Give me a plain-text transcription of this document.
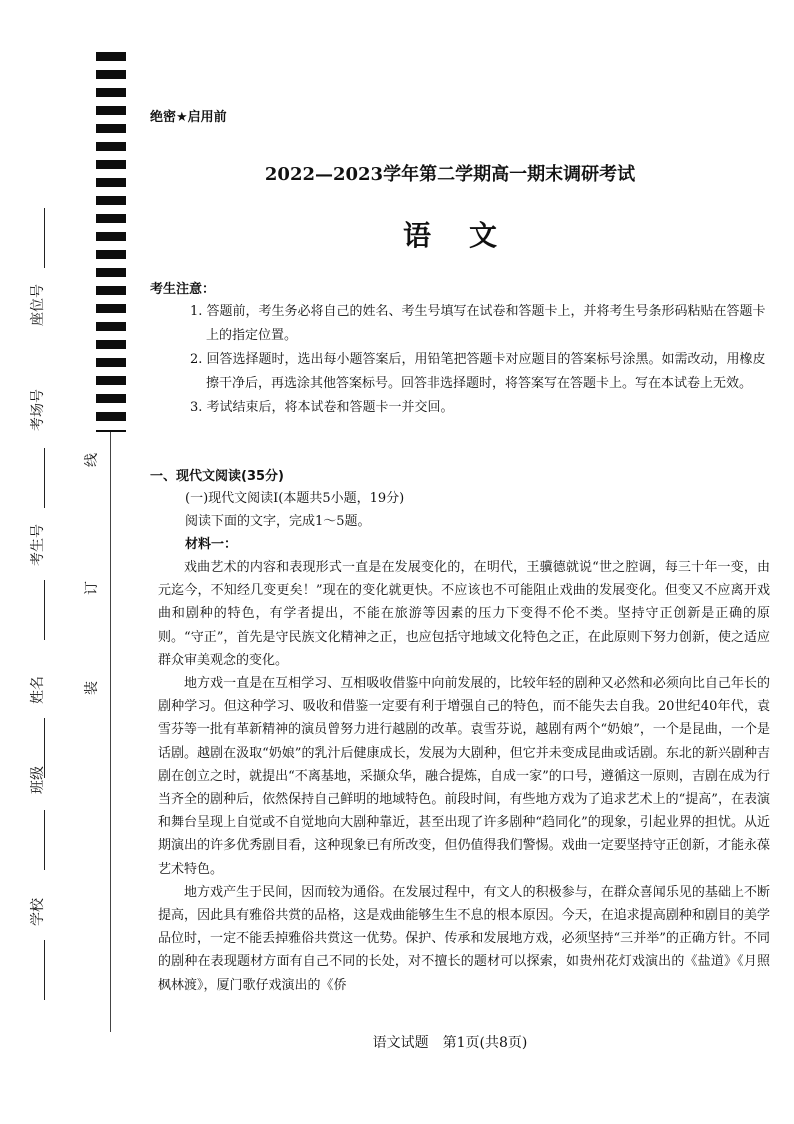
座位号
考场号
考生号
姓名
班级
学校
线
订
装
绝密★启用前
2022—2023学年第二学期高一期末调研考试
语文
考生注意：

1. 答题前，考生务必将自己的姓名、考生号填写在试卷和答题卡上，并将考生号条形码粘贴在答题卡上的指定位置。

2. 回答选择题时，选出每小题答案后，用铅笔把答题卡对应题目的答案标号涂黑。如需改动，用橡皮擦干净后，再选涂其他答案标号。回答非选择题时，将答案写在答题卡上。写在本试卷上无效。

3. 考试结束后，将本试卷和答题卡一并交回。

一、现代文阅读(35分)
(一)现代文阅读Ⅰ(本题共5小题，19分)
阅读下面的文字，完成1～5题。
材料一：

戏曲艺术的内容和表现形式一直是在发展变化的，在明代，王骥德就说“世之腔调，每三十年一变，由元迄今，不知经几变更矣！”现在的变化就更快。不应该也不可能阻止戏曲的发展变化。但变又不应离开戏曲和剧种的特色，有学者提出，不能在旅游等因素的压力下变得不伦不类。坚持守正创新是正确的原则。“守正”，首先是守民族文化精神之正，也应包括守地域文化特色之正，在此原则下努力创新，使之适应群众审美观念的变化。

地方戏一直是在互相学习、互相吸收借鉴中向前发展的，比较年轻的剧种又必然和必须向比自己年长的剧种学习。但这种学习、吸收和借鉴一定要有利于增强自己的特色，而不能失去自我。20世纪40年代，袁雪芬等一批有革新精神的演员曾努力进行越剧的改革。袁雪芬说，越剧有两个“奶娘”，一个是昆曲，一个是话剧。越剧在汲取“奶娘”的乳汁后健康成长，发展为大剧种，但它并未变成昆曲或话剧。东北的新兴剧种吉剧在创立之时，就提出“不离基地，采撷众华，融合提炼，自成一家”的口号，遵循这一原则，吉剧在成为行当齐全的剧种后，依然保持自己鲜明的地域特色。前段时间，有些地方戏为了追求艺术上的“提高”，在表演和舞台呈现上自觉或不自觉地向大剧种靠近，甚至出现了许多剧种“趋同化”的现象，引起业界的担忧。从近期演出的许多优秀剧目看，这种现象已有所改变，但仍值得我们警惕。戏曲一定要坚持守正创新，才能永葆艺术特色。

地方戏产生于民间，因而较为通俗。在发展过程中，有文人的积极参与，在群众喜闻乐见的基础上不断提高，因此具有雅俗共赏的品格，这是戏曲能够生生不息的根本原因。今天，在追求提高剧种和剧目的美学品位时，一定不能丢掉雅俗共赏这一优势。保护、传承和发展地方戏，必须坚持“三并举”的正确方针。不同的剧种在表现题材方面有自己不同的长处，对不擅长的题材可以探索，如贵州花灯戏演出的《盐道》《月照枫林渡》，厦门歌仔戏演出的《侨

语文试题　第1页(共8页)
